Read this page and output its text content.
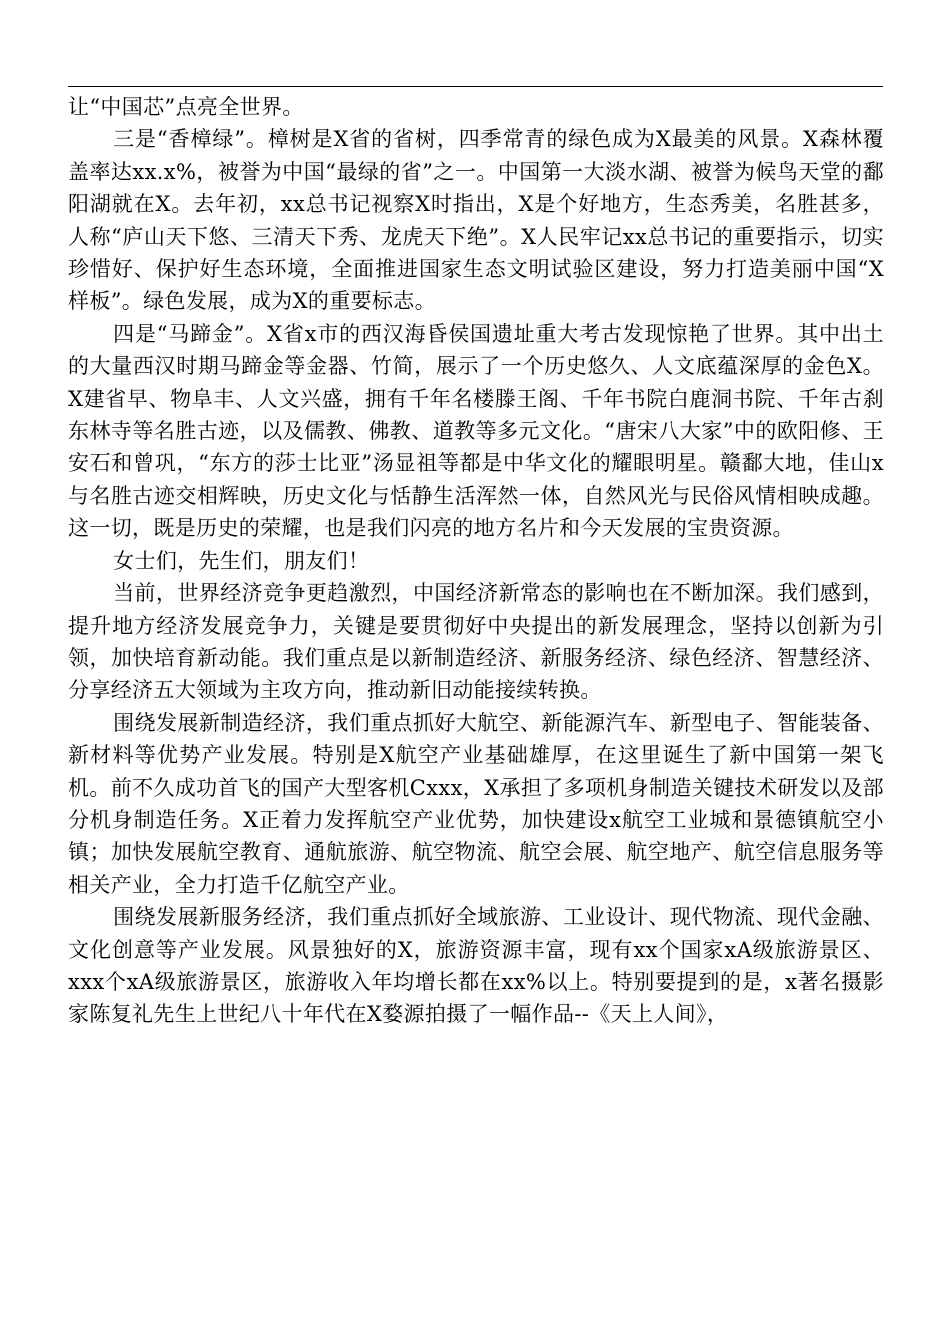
让“中国芯”点亮全世界。

三是“香樟绿”。樟树是X省的省树，四季常青的绿色成为X最美的风景。X森林覆盖率达xx.x%，被誉为中国“最绿的省”之一。中国第一大淡水湖、被誉为候鸟天堂的鄱阳湖就在X。去年初，xx总书记视察X时指出，X是个好地方，生态秀美，名胜甚多，人称“庐山天下悠、三清天下秀、龙虎天下绝”。X人民牢记xx总书记的重要指示，切实珍惜好、保护好生态环境，全面推进国家生态文明试验区建设，努力打造美丽中国“X样板”。绿色发展，成为X的重要标志。

四是“马蹄金”。X省x市的西汉海昏侯国遗址重大考古发现惊艳了世界。其中出土的大量西汉时期马蹄金等金器、竹简，展示了一个历史悠久、人文底蕴深厚的金色X。X建省早、物阜丰、人文兴盛，拥有千年名楼滕王阁、千年书院白鹿洞书院、千年古刹东林寺等名胜古迹，以及儒教、佛教、道教等多元文化。“唐宋八大家”中的欧阳修、王安石和曾巩，“东方的莎士比亚”汤显祖等都是中华文化的耀眼明星。赣鄱大地，佳山x与名胜古迹交相辉映，历史文化与恬静生活浑然一体，自然风光与民俗风情相映成趣。这一切，既是历史的荣耀，也是我们闪亮的地方名片和今天发展的宝贵资源。

女士们，先生们，朋友们！

当前，世界经济竞争更趋激烈，中国经济新常态的影响也在不断加深。我们感到，提升地方经济发展竞争力，关键是要贯彻好中央提出的新发展理念，坚持以创新为引领，加快培育新动能。我们重点是以新制造经济、新服务经济、绿色经济、智慧经济、分享经济五大领域为主攻方向，推动新旧动能接续转换。

围绕发展新制造经济，我们重点抓好大航空、新能源汽车、新型电子、智能装备、新材料等优势产业发展。特别是X航空产业基础雄厚，在这里诞生了新中国第一架飞机。前不久成功首飞的国产大型客机Cxxx，X承担了多项机身制造关键技术研发以及部分机身制造任务。X正着力发挥航空产业优势，加快建设x航空工业城和景德镇航空小镇；加快发展航空教育、通航旅游、航空物流、航空会展、航空地产、航空信息服务等相关产业，全力打造千亿航空产业。

围绕发展新服务经济，我们重点抓好全域旅游、工业设计、现代物流、现代金融、文化创意等产业发展。风景独好的X，旅游资源丰富，现有xx个国家xA级旅游景区、xxx个xA级旅游景区，旅游收入年均增长都在xx%以上。特别要提到的是，x著名摄影家陈复礼先生上世纪八十年代在X婺源拍摄了一幅作品--《天上人间》，
